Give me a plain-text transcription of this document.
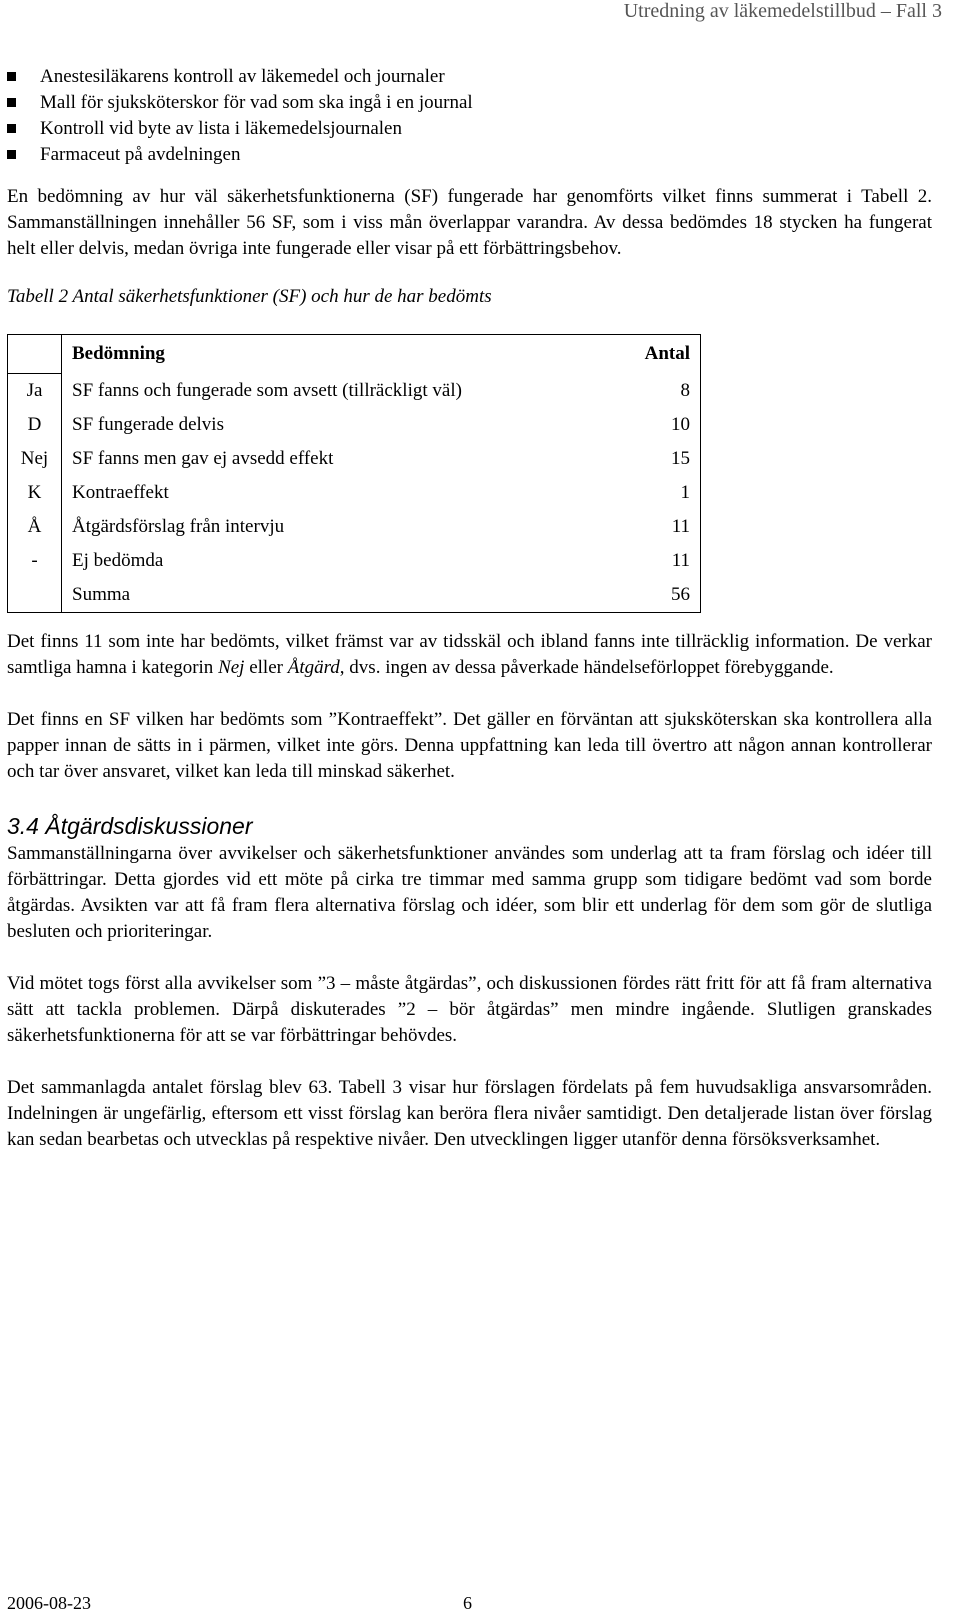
Utredning av läkemedelstillbud – Fall 3
Anestesiläkarens kontroll av läkemedel och journaler
Mall för sjuksköterskor för vad som ska ingå i en journal
Kontroll vid byte av lista i läkemedelsjournalen
Farmaceut på avdelningen

En bedömning av hur väl säkerhetsfunktionerna (SF) fungerade har genomförts vilket finns summerat i Tabell 2. Sammanställningen innehåller 56 SF, som i viss mån överlappar varandra. Av dessa bedömdes 18 stycken ha fungerat helt eller delvis, medan övriga inte fungerade eller visar på ett förbättringsbehov.

Tabell 2 Antal säkerhetsfunktioner (SF) och hur de har bedömts
	Bedömning	Antal
Ja	SF fanns och fungerade som avsett (tillräckligt väl)	8
D	SF fungerade delvis	10
Nej	SF fanns men gav ej avsedd effekt	15
K	Kontraeffekt	1
Å	Åtgärdsförslag från intervju	11
-	Ej bedömda	11
	Summa	56

Det finns 11 som inte har bedömts, vilket främst var av tidsskäl och ibland fanns inte tillräcklig information. De verkar samtliga hamna i kategorin Nej eller Åtgärd, dvs. ingen av dessa påverkade händelseförloppet förebyggande.

Det finns en SF vilken har bedömts som ”Kontraeffekt”. Det gäller en förväntan att sjuksköterskan ska kontrollera alla papper innan de sätts in i pärmen, vilket inte görs. Denna uppfattning kan leda till övertro att någon annan kontrollerar och tar över ansvaret, vilket kan leda till minskad säkerhet.

3.4 Åtgärdsdiskussioner

Sammanställningarna över avvikelser och säkerhetsfunktioner användes som underlag att ta fram förslag och idéer till förbättringar. Detta gjordes vid ett möte på cirka tre timmar med samma grupp som tidigare bedömt vad som borde åtgärdas. Avsikten var att få fram flera alternativa förslag och idéer, som blir ett underlag för dem som gör de slutliga besluten och prioriteringar.

Vid mötet togs först alla avvikelser som ”3 – måste åtgärdas”, och diskussionen fördes rätt fritt för att få fram alternativa sätt att tackla problemen. Därpå diskuterades ”2 – bör åtgärdas” men mindre ingående. Slutligen granskades säkerhetsfunktionerna för att se var förbättringar behövdes.

Det sammanlagda antalet förslag blev 63. Tabell 3 visar hur förslagen fördelats på fem huvudsakliga ansvarsområden. Indelningen är ungefärlig, eftersom ett visst förslag kan beröra flera nivåer samtidigt. Den detaljerade listan över förslag kan sedan bearbetas och utvecklas på respektive nivåer. Den utvecklingen ligger utanför denna försöksverksamhet.

2006-08-23	6
